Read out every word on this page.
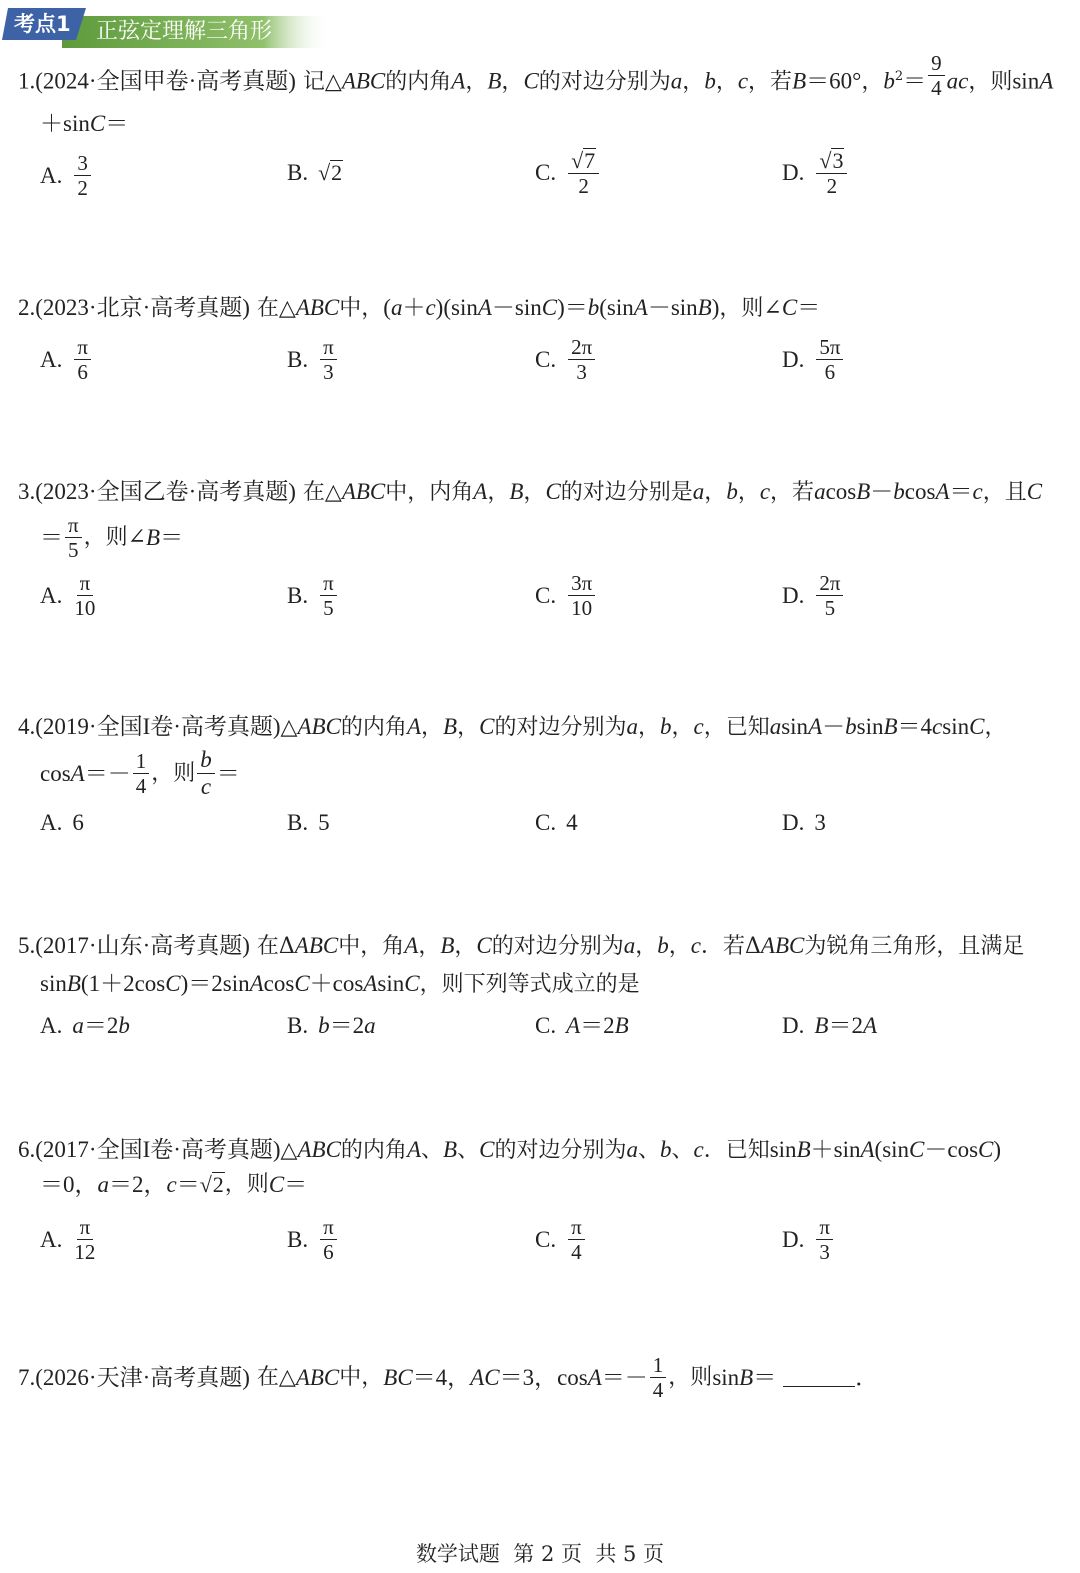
考点1 正弦定理解三角形
1.(2024·全国甲卷·高考真题) 记△ABC的内角A，B，C的对边分别为a，b，c，若B＝60°，$b^2= \frac{9}{4}$ ac，则sinA
＋sinC＝
A. $\frac{3}{2}$	B. √ 2	C. $\frac{√ 7}{2}$	D. $\frac{√ 3}{2}$
2.(2023·北京·高考真题) 在△ABC中，(a＋c)(sinA－sinC)＝b(sinA－sinB)，则∠C＝
A. $\frac{\pi}{6}$	B. $\frac{\pi}{3}$	C. $\frac{2\pi}{3}$	D. $\frac{5\pi}{6}$
3.(2023·全国乙卷·高考真题) 在△ABC中，内角A，B，C的对边分别是a，b，c，若acosB－bcosA＝c，且C
＝ $\frac{\pi}{5}$ ，则∠ B ＝
A. $\frac{\pi}{10}$	B. $\frac{\pi}{5}$	C. $\frac{3\pi}{10}$	D. $\frac{2\pi}{5}$
4.(2019·全国I卷·高考真题)△ABC的内角A，B，C的对边分别为a，b，c，已知asinA－bsinB＝4csinC，
$\cos A =- \frac{1}{4}$ ，则 $\frac{b}{c}$ ＝
A. 6	B. 5	C. 4	D. 3
5.(2017·山东·高考真题) 在ΔABC中，角A，B，C的对边分别为a，b，c．若ΔABC为锐角三角形，且满足
sinB(1＋2cosC)＝2sinAcosC＋cosAsinC，则下列等式成立的是
A. a ＝2 b	B. b ＝2 a	C. A ＝2 B	D. B ＝2 A
6.(2017·全国I卷·高考真题)△ABC的内角A、B、C的对边分别为a、b、c．已知sinB＋sinA(sinC－cosC)
＝0， a ＝2， c ＝ √ 2 ，则 C ＝
A. $\frac{\pi}{12}$	B. $\frac{\pi}{6}$	C. $\frac{\pi}{4}$	D. $\frac{\pi}{3}$
7. (2026·天津·高考真题) 在△ ABC 中， BC ＝4， AC ＝3，$\cos A =- \frac{1}{4}$ ，则 sin B ＝
	．
数学试题  第 2 页  共 5 页
